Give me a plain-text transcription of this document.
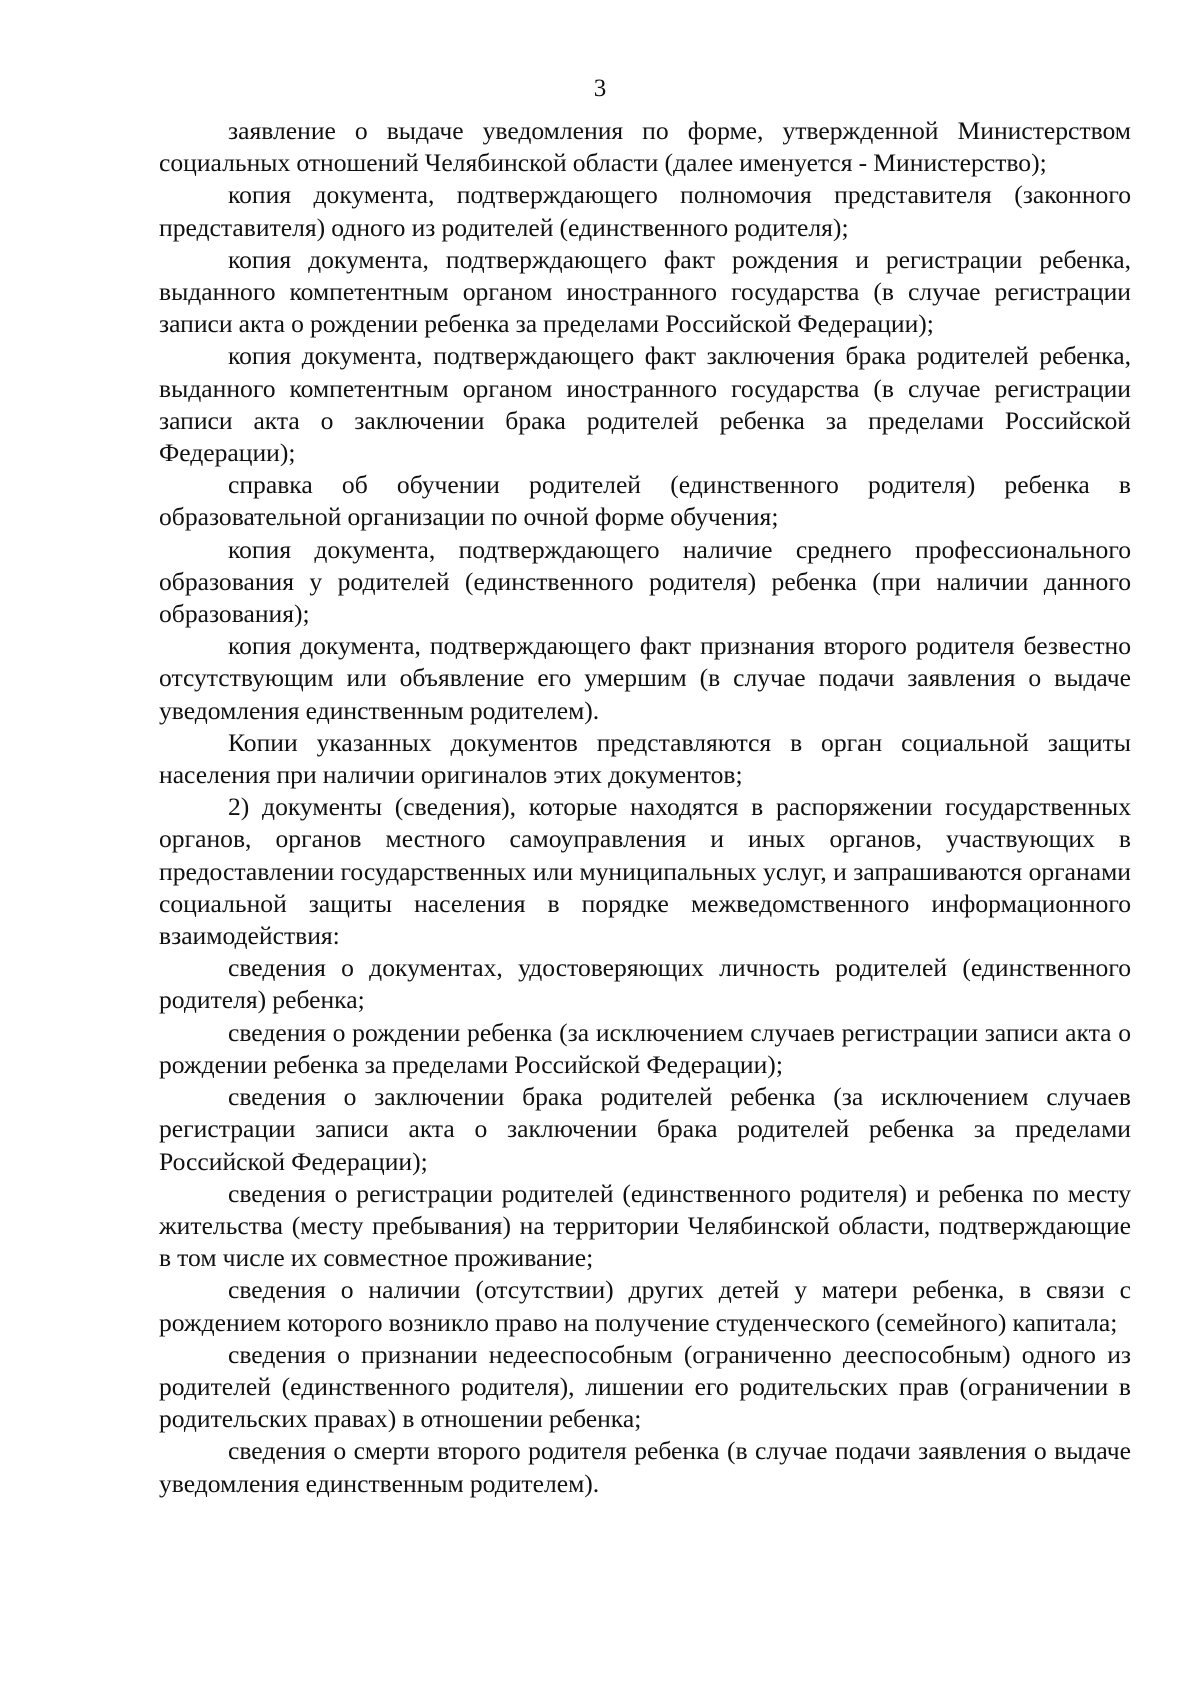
3

заявление о выдаче уведомления по форме, утвержденной Министерством социальных отношений Челябинской области (далее именуется - Министерство);

копия документа, подтверждающего полномочия представителя (законного представителя) одного из родителей (единственного родителя);

копия документа, подтверждающего факт рождения и регистрации ребенка, выданного компетентным органом иностранного государства (в случае регистрации записи акта о рождении ребенка за пределами Российской Федерации);

копия документа, подтверждающего факт заключения брака родителей ребенка, выданного компетентным органом иностранного государства (в случае регистрации записи акта о заключении брака родителей ребенка за пределами Российской Федерации);

справка об обучении родителей (единственного родителя) ребенка в образовательной организации по очной форме обучения;

копия документа, подтверждающего наличие среднего профессионального образования у родителей (единственного родителя) ребенка (при наличии данного образования);

копия документа, подтверждающего факт признания второго родителя безвестно отсутствующим или объявление его умершим (в случае подачи заявления о выдаче уведомления единственным родителем).

Копии указанных документов представляются в орган социальной защиты населения при наличии оригиналов этих документов;

2) документы (сведения), которые находятся в распоряжении государственных органов, органов местного самоуправления и иных органов, участвующих в предоставлении государственных или муниципальных услуг, и запрашиваются органами социальной защиты населения в порядке межведомственного информационного взаимодействия:

сведения о документах, удостоверяющих личность родителей (единственного родителя) ребенка;

сведения о рождении ребенка (за исключением случаев регистрации записи акта о рождении ребенка за пределами Российской Федерации);

сведения о заключении брака родителей ребенка (за исключением случаев регистрации записи акта о заключении брака родителей ребенка за пределами Российской Федерации);

сведения о регистрации родителей (единственного родителя) и ребенка по месту жительства (месту пребывания) на территории Челябинской области, подтверждающие в том числе их совместное проживание;

сведения о наличии (отсутствии) других детей у матери ребенка, в связи с рождением которого возникло право на получение студенческого (семейного) капитала;

сведения о признании недееспособным (ограниченно дееспособным) одного из родителей (единственного родителя), лишении его родительских прав (ограничении в родительских правах) в отношении ребенка;

сведения о смерти второго родителя ребенка (в случае подачи заявления о выдаче уведомления единственным родителем).
